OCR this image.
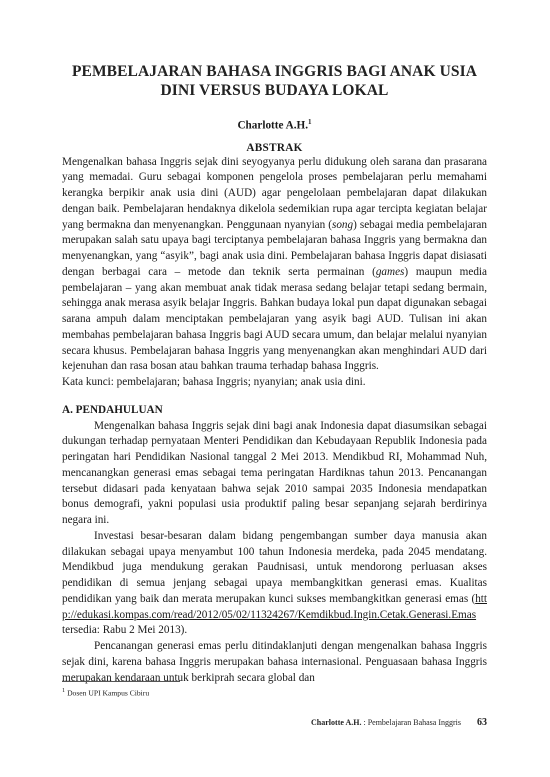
PEMBELAJARAN BAHASA INGGRIS BAGI ANAK USIA
DINI VERSUS BUDAYA LOKAL

Charlotte A.H.$^1$

ABSTRAK

Mengenalkan bahasa Inggris sejak dini seyogyanya perlu didukung oleh sarana dan prasarana yang memadai. Guru sebagai komponen pengelola proses pembelajaran perlu memahami kerangka berpikir anak usia dini (AUD) agar pengelolaan pembelajaran dapat dilakukan dengan baik. Pembelajaran hendaknya dikelola sedemikian rupa agar tercipta kegiatan belajar yang bermakna dan menyenangkan. Penggunaan nyanyian (song) sebagai media pembelajaran merupakan salah satu upaya bagi terciptanya pembelajaran bahasa Inggris yang bermakna dan menyenangkan, yang “asyik”, bagi anak usia dini. Pembelajaran bahasa Inggris dapat disiasati dengan berbagai cara – metode dan teknik serta permainan (games) maupun media pembelajaran – yang akan membuat anak tidak merasa sedang belajar tetapi sedang bermain, sehingga anak merasa asyik belajar Inggris. Bahkan budaya lokal pun dapat digunakan sebagai sarana ampuh dalam menciptakan pembelajaran yang asyik bagi AUD. Tulisan ini akan membahas pembelajaran bahasa Inggris bagi AUD secara umum, dan belajar melalui nyanyian secara khusus. Pembelajaran bahasa Inggris yang menyenangkan akan menghindari AUD dari kejenuhan dan rasa bosan atau bahkan trauma terhadap bahasa Inggris.

Kata kunci: pembelajaran; bahasa Inggris; nyanyian; anak usia dini.

A. PENDAHULUAN

Mengenalkan bahasa Inggris sejak dini bagi anak Indonesia dapat diasumsikan sebagai dukungan terhadap pernyataan Menteri Pendidikan dan Kebudayaan Republik Indonesia pada peringatan hari Pendidikan Nasional tanggal 2 Mei 2013. Mendikbud RI, Mohammad Nuh, mencanangkan generasi emas sebagai tema peringatan Hardiknas tahun 2013. Pencanangan tersebut didasari pada kenyataan bahwa sejak 2010 sampai 2035 Indonesia mendapatkan bonus demografi, yakni populasi usia produktif paling besar sepanjang sejarah berdirinya negara ini.

Investasi besar-besaran dalam bidang pengembangan sumber daya manusia akan dilakukan sebagai upaya menyambut 100 tahun Indonesia merdeka, pada 2045 mendatang. Mendikbud juga mendukung gerakan Paudnisasi, untuk mendorong perluasan akses pendidikan di semua jenjang sebagai upaya membangkitkan generasi emas. Kualitas pendidikan yang baik dan merata merupakan kunci sukses membangkitkan generasi emas (http://edukasi.kompas.com/read/2012/05/02/11324267/Kemdikbud.Ingin.Cetak.Generasi.Emas tersedia: Rabu 2 Mei 2013).

Pencanangan generasi emas perlu ditindaklanjuti dengan mengenalkan bahasa Inggris sejak dini, karena bahasa Inggris merupakan bahasa internasional. Penguasaan bahasa Inggris merupakan kendaraan untuk berkiprah secara global dan

$^1$ Dosen UPI Kampus Cibiru
Charlotte A.H. : Pembelajaran Bahasa Inggris 63
